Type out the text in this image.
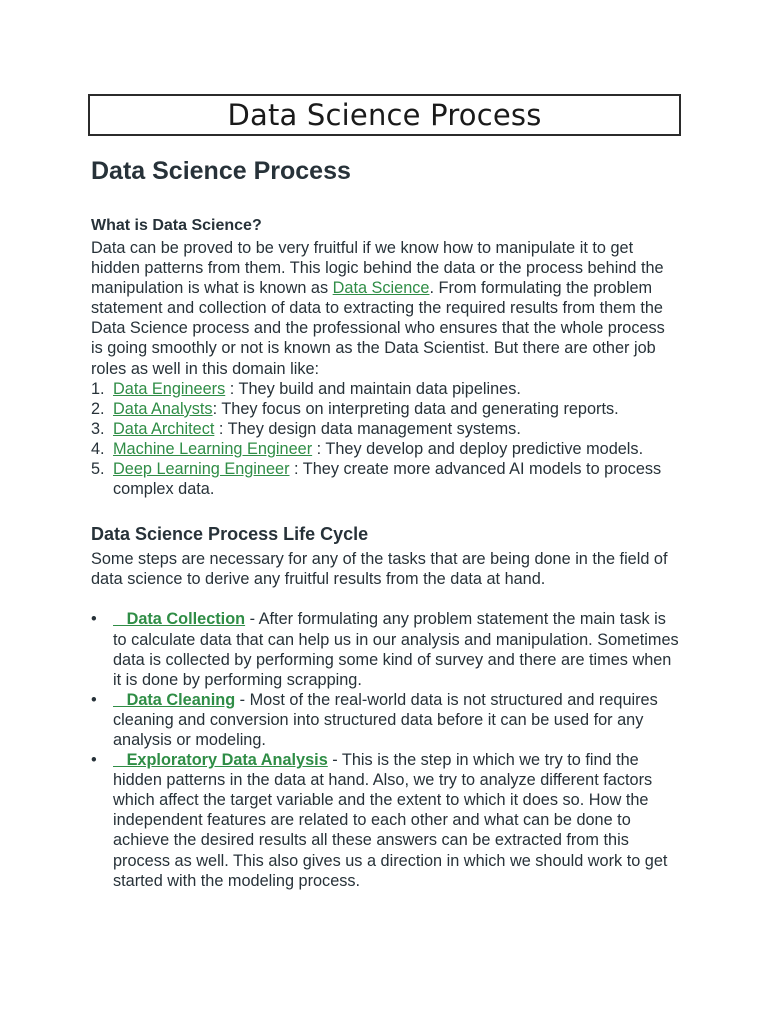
Data Science Process
Data Science Process
What is Data Science?

Data can be proved to be very fruitful if we know how to manipulate it to get hidden patterns from them. This logic behind the data or the process behind the manipulation is what is known as Data Science. From formulating the problem statement and collection of data to extracting the required results from them the Data Science process and the professional who ensures that the whole process is going smoothly or not is known as the Data Scientist. But there are other job roles as well in this domain like:

1. Data Engineers : They build and maintain data pipelines.
2. Data Analysts: They focus on interpreting data and generating reports.
3. Data Architect : They design data management systems.
4. Machine Learning Engineer : They develop and deploy predictive models.
5. Deep Learning Engineer : They create more advanced AI models to process complex data.
Data Science Process Life Cycle

Some steps are necessary for any of the tasks that are being done in the field of data science to derive any fruitful results from the data at hand.

• Data Collection - After formulating any problem statement the main task is to calculate data that can help us in our analysis and manipulation. Sometimes data is collected by performing some kind of survey and there are times when it is done by performing scrapping.
• Data Cleaning - Most of the real-world data is not structured and requires cleaning and conversion into structured data before it can be used for any analysis or modeling.
• Exploratory Data Analysis - This is the step in which we try to find the hidden patterns in the data at hand. Also, we try to analyze different factors which affect the target variable and the extent to which it does so. How the independent features are related to each other and what can be done to achieve the desired results all these answers can be extracted from this process as well. This also gives us a direction in which we should work to get started with the modeling process.
